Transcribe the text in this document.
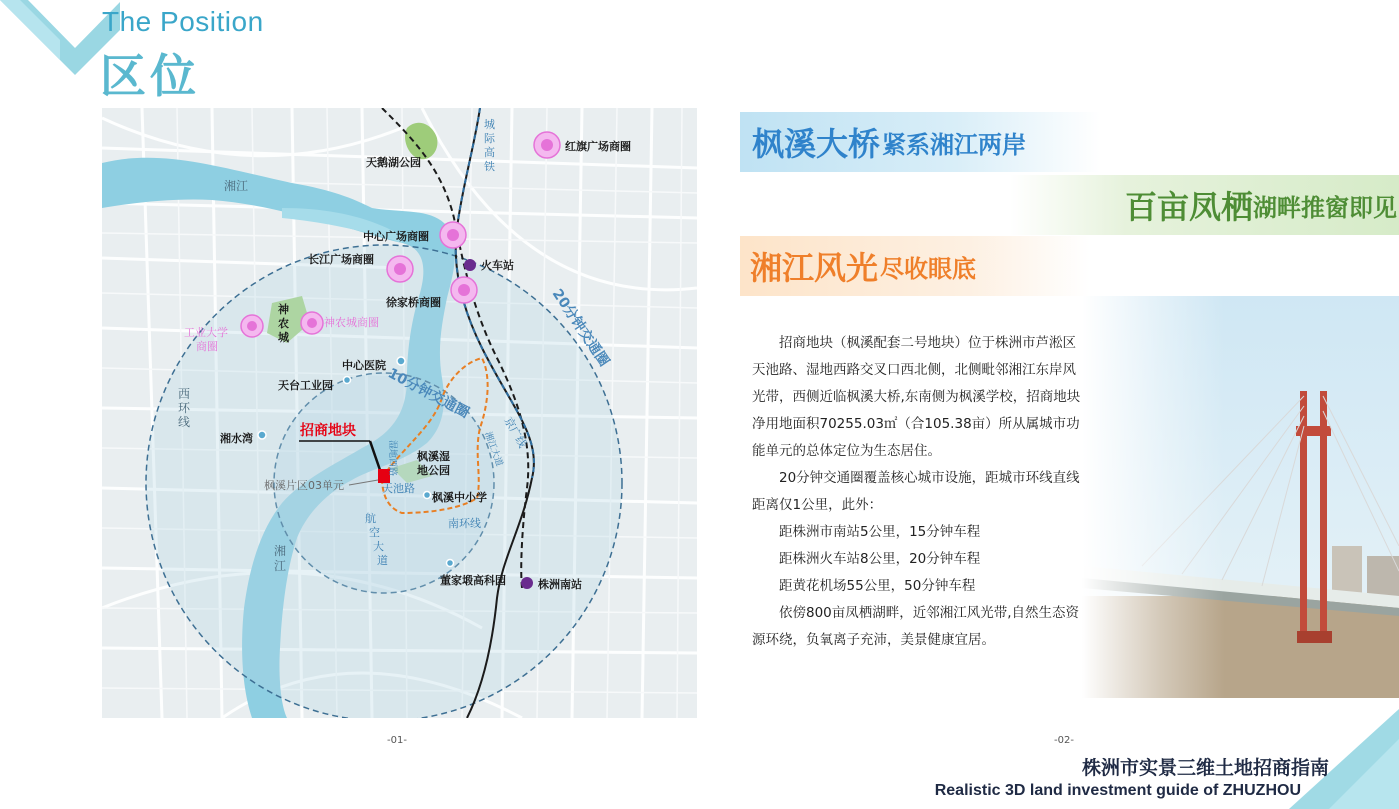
The Position
区位
天鹅湖公园
红旗广场商圈
中心广场商圈
长江广场商圈
徐家桥商圈
火车站
神
农
城
中心医院
天台工业园
湘水湾
枫溪湿
地公园
枫溪中小学
董家塅高科园	株洲南站
神农城商圈
工业大学
商圈
湘江
湘
江
西
环
线
城
际
高
铁
天池路
南环线
航
空
大
道
京广线
湿地西路	湘江大道
枫溪片区03单元
招商地块
10分钟交通圈
20分钟交通圈
-01-	-02-
枫溪大桥 紧系湘江两岸
百亩凤栖 湖畔推窗即见
湘江风光 尽收眼底

招商地块（枫溪配套二号地块）位于株洲市芦淞区天池路、湿地西路交叉口西北侧，北侧毗邻湘江东岸风光带，西侧近临枫溪大桥,东南侧为枫溪学校，招商地块净用地面积70255.03㎡（合105.38亩）所从属城市功能单元的总体定位为生态居住。

20分钟交通圈覆盖核心城市设施，距城市环线直线距离仅1公里，此外：

距株洲市南站5公里，15分钟车程

距株洲火车站8公里，20分钟车程

距黄花机场55公里，50分钟车程

依傍800亩凤栖湖畔，近邻湘江风光带,自然生态资源环绕，负氧离子充沛，美景健康宜居。

株洲市实景三维土地招商指南
Realistic 3D land investment guide of ZHUZHOU
